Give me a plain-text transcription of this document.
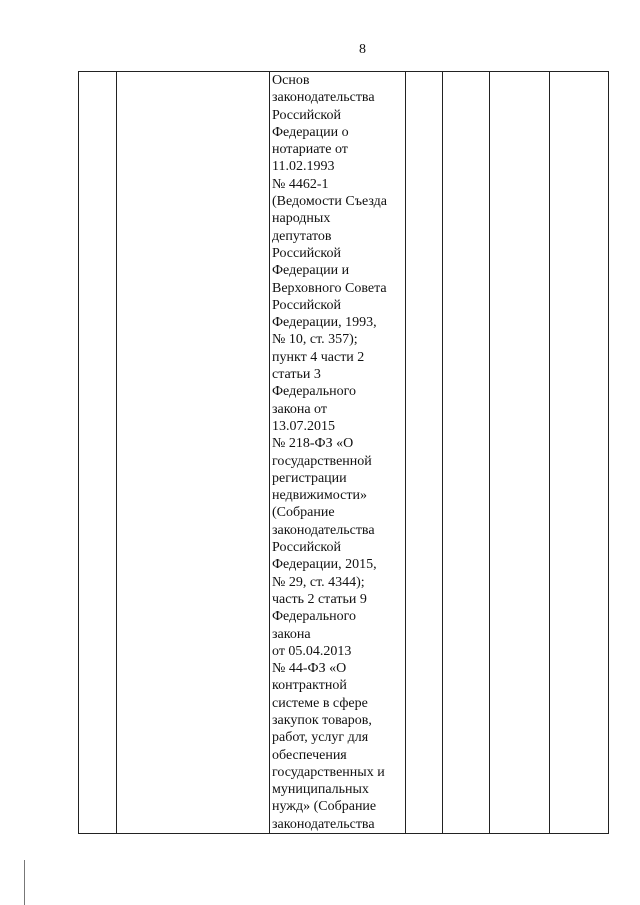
8
Основ
законодательства
Российской
Федерации о
нотариате от
11.02.1993
№ 4462-1
(Ведомости Съезда
народных
депутатов
Российской
Федерации и
Верховного Совета
Российской
Федерации, 1993,
№ 10, ст. 357);
пункт 4 части 2
статьи 3
Федерального
закона от
13.07.2015
№ 218-ФЗ «О
государственной
регистрации
недвижимости»
(Собрание
законодательства
Российской
Федерации, 2015,
№ 29, ст. 4344);
часть 2 статьи 9
Федерального
закона
от 05.04.2013
№ 44-ФЗ «О
контрактной
системе в сфере
закупок товаров,
работ, услуг для
обеспечения
государственных и
муниципальных
нужд» (Собрание
законодательства
